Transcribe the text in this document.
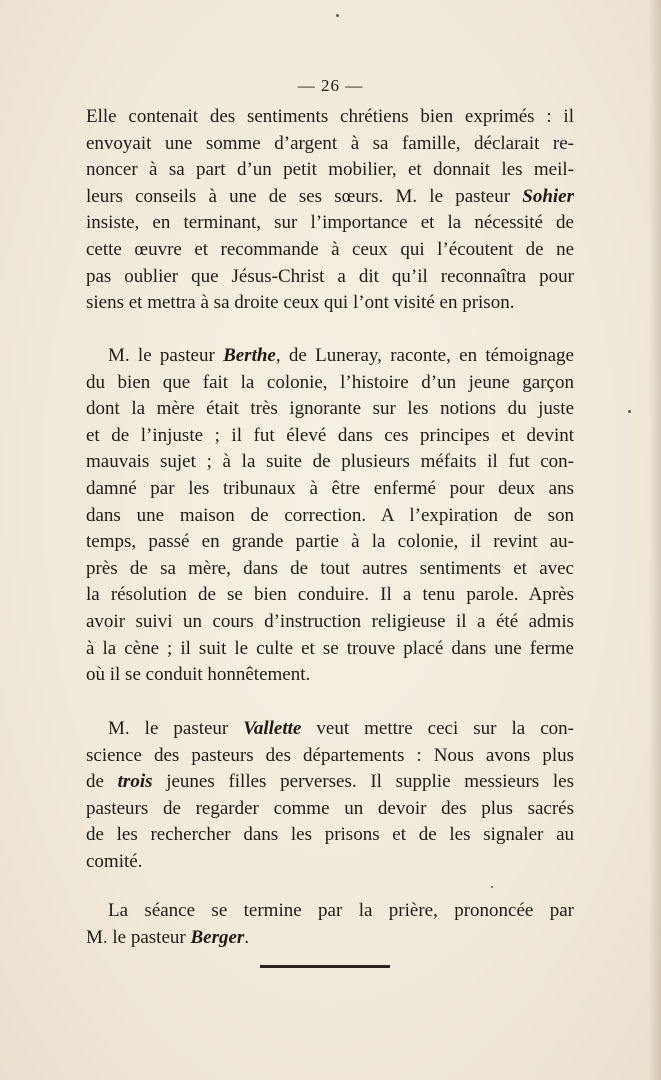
— 26 —
Elle contenait des sentiments chrétiens bien exprimés : il
envoyait une somme d’argent à sa famille, déclarait re-
noncer à sa part d’un petit mobilier, et donnait les meil-
leurs conseils à une de ses sœurs. M. le pasteur Sohier
insiste, en terminant, sur l’importance et la nécessité de
cette œuvre et recommande à ceux qui l’écoutent de ne
pas oublier que Jésus-Christ a dit qu’il reconnaîtra pour
siens et mettra à sa droite ceux qui l’ont visité en prison.
M. le pasteur Berthe, de Luneray, raconte, en témoignage
du bien que fait la colonie, l’histoire d’un jeune garçon
dont la mère était très ignorante sur les notions du juste
et de l’injuste ; il fut élevé dans ces principes et devint
mauvais sujet ; à la suite de plusieurs méfaits il fut con-
damné par les tribunaux à être enfermé pour deux ans
dans une maison de correction. A l’expiration de son
temps, passé en grande partie à la colonie, il revint au-
près de sa mère, dans de tout autres sentiments et avec
la résolution de se bien conduire. Il a tenu parole. Après
avoir suivi un cours d’instruction religieuse il a été admis
à la cène ; il suit le culte et se trouve placé dans une ferme
où il se conduit honnêtement.
M. le pasteur Vallette veut mettre ceci sur la con-
science des pasteurs des départements : Nous avons plus
de trois jeunes filles perverses. Il supplie messieurs les
pasteurs de regarder comme un devoir des plus sacrés
de les rechercher dans les prisons et de les signaler au
comité.
La séance se termine par la prière, prononcée par
M. le pasteur Berger.
